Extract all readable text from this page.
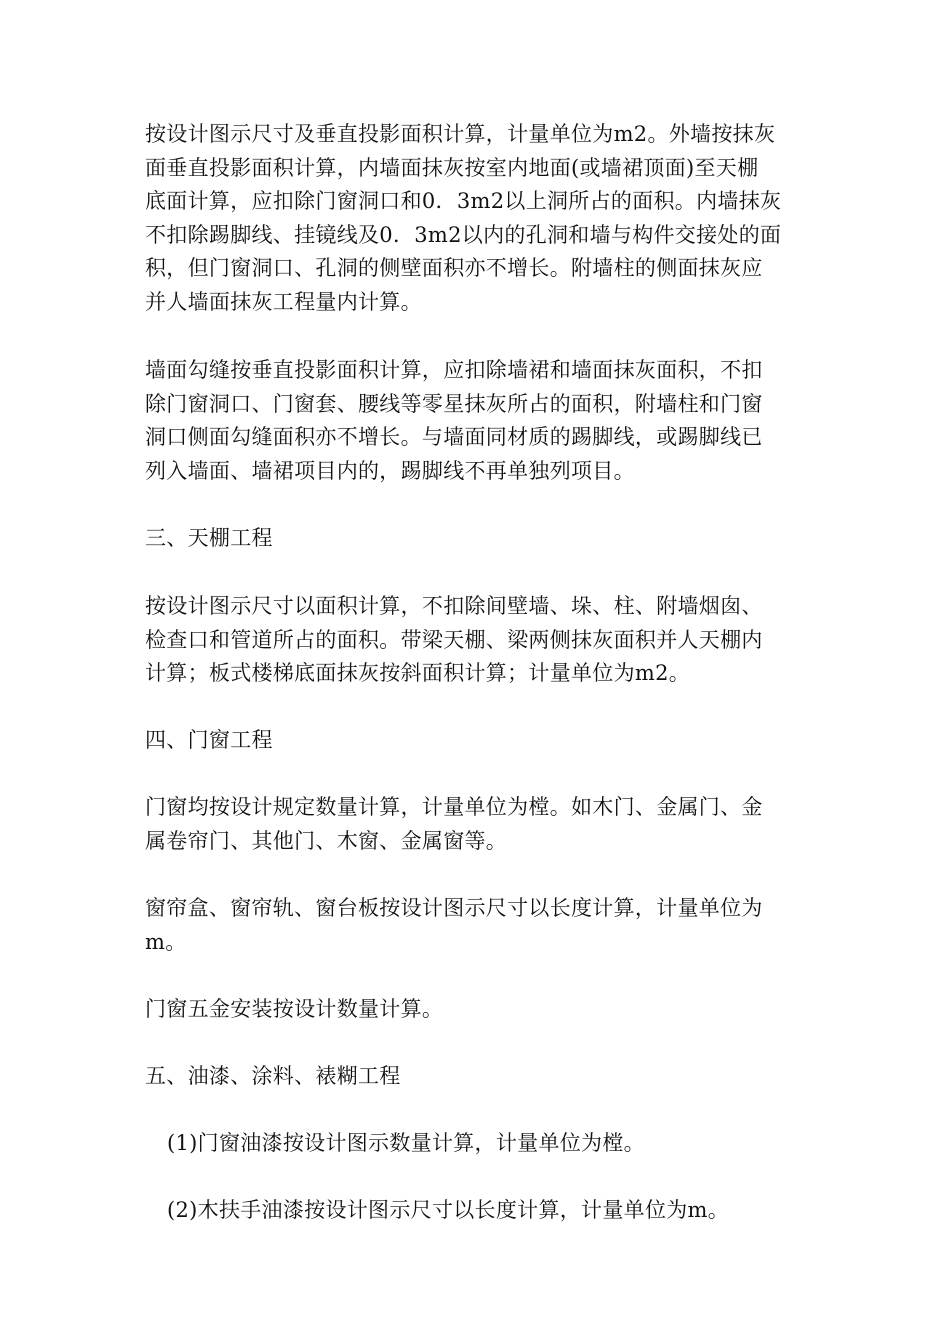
按设计图示尺寸及垂直投影面积计算，计量单位为m2。外墙按抹灰
面垂直投影面积计算，内墙面抹灰按室内地面(或墙裙顶面)至天棚
底面计算，应扣除门窗洞口和0．3m2以上洞所占的面积。内墙抹灰
不扣除踢脚线、挂镜线及0．3m2以内的孔洞和墙与构件交接处的面
积，但门窗洞口、孔洞的侧壁面积亦不增长。附墙柱的侧面抹灰应
并人墙面抹灰工程量内计算。

墙面勾缝按垂直投影面积计算，应扣除墙裙和墙面抹灰面积，不扣
除门窗洞口、门窗套、腰线等零星抹灰所占的面积，附墙柱和门窗
洞口侧面勾缝面积亦不增长。与墙面同材质的踢脚线，或踢脚线已
列入墙面、墙裙项目内的，踢脚线不再单独列项目。

三、天棚工程

按设计图示尺寸以面积计算，不扣除间壁墙、垛、柱、附墙烟囱、
检查口和管道所占的面积。带梁天棚、梁两侧抹灰面积并人天棚内
计算；板式楼梯底面抹灰按斜面积计算；计量单位为m2。

四、门窗工程

门窗均按设计规定数量计算，计量单位为樘。如木门、金属门、金
属卷帘门、其他门、木窗、金属窗等。

窗帘盒、窗帘轨、窗台板按设计图示尺寸以长度计算，计量单位为
m。

门窗五金安装按设计数量计算。

五、油漆、涂料、裱糊工程

(1)门窗油漆按设计图示数量计算，计量单位为樘。

(2)木扶手油漆按设计图示尺寸以长度计算，计量单位为m。
